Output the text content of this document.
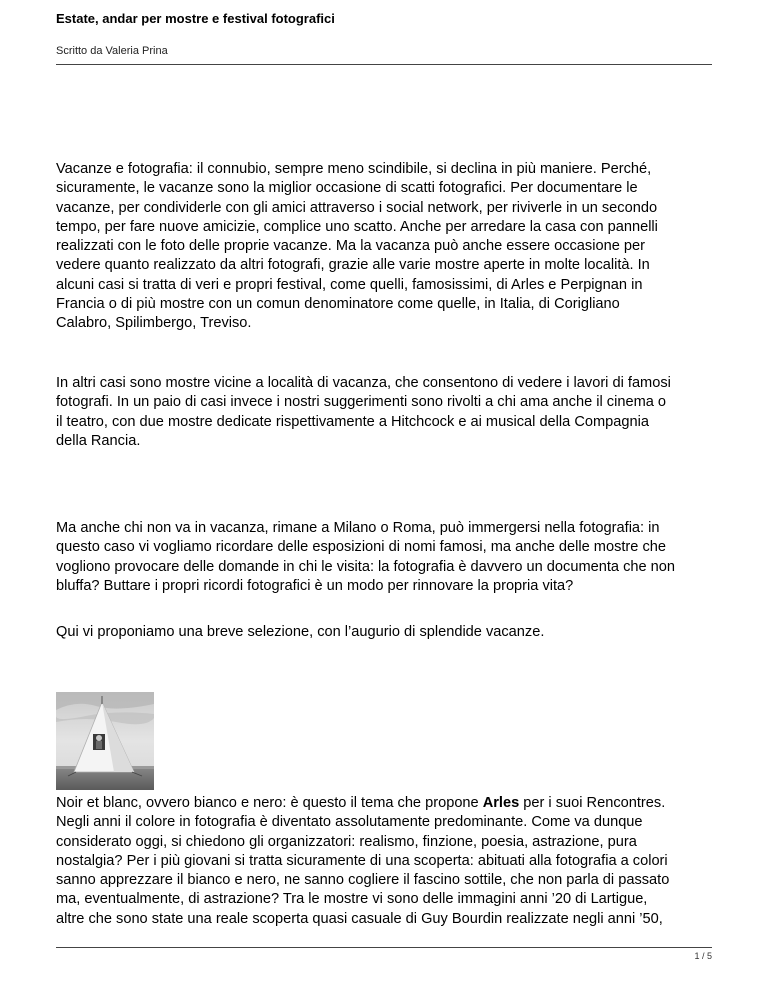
Estate, andar per mostre e festival fotografici
Scritto da Valeria Prina

Vacanze e fotografia: il connubio, sempre meno scindibile, si declina in più maniere. Perché,
sicuramente, le vacanze sono la miglior occasione di scatti fotografici. Per documentare le
vacanze, per condividerle con gli amici attraverso i social network, per riviverle in un secondo
tempo, per fare nuove amicizie, complice uno scatto. Anche per arredare la casa con pannelli
realizzati con le foto delle proprie vacanze. Ma la vacanza può anche essere occasione per
vedere quanto realizzato da altri fotografi, grazie alle varie mostre aperte in molte località. In
alcuni casi si tratta di veri e propri festival, come quelli, famosissimi, di Arles e Perpignan in
Francia o di più mostre con un comun denominatore come quelle, in Italia, di Corigliano
Calabro, Spilimbergo, Treviso.

In altri casi sono mostre vicine a località di vacanza, che consentono di vedere i lavori di famosi
fotografi. In un paio di casi invece i nostri suggerimenti sono rivolti a chi ama anche il cinema o
il teatro, con due mostre dedicate rispettivamente a Hitchcock e ai musical della Compagnia
della Rancia.

Ma anche chi non va in vacanza, rimane a Milano o Roma, può immergersi nella fotografia: in
questo caso vi vogliamo ricordare delle esposizioni di nomi famosi, ma anche delle mostre che
vogliono provocare delle domande in chi le visita: la fotografia è davvero un documenta che non
bluffa? Buttare i propri ricordi fotografici è un modo per rinnovare la propria vita?

Qui vi proponiamo una breve selezione, con l’augurio di splendide vacanze.

Noir et blanc, ovvero bianco e nero: è questo il tema che propone Arles per i suoi Rencontres.
Negli anni il colore in fotografia è diventato assolutamente predominante. Come va dunque
considerato oggi, si chiedono gli organizzatori: realismo, finzione, poesia, astrazione, pura
nostalgia? Per i più giovani si tratta sicuramente di una scoperta: abituati alla fotografia a colori
sanno apprezzare il bianco e nero, ne sanno cogliere il fascino sottile, che non parla di passato
ma, eventualmente, di astrazione? Tra le mostre vi sono delle immagini anni ’20 di Lartigue,
altre che sono state una reale scoperta quasi casuale di Guy Bourdin realizzate negli anni ’50,

1 / 5
